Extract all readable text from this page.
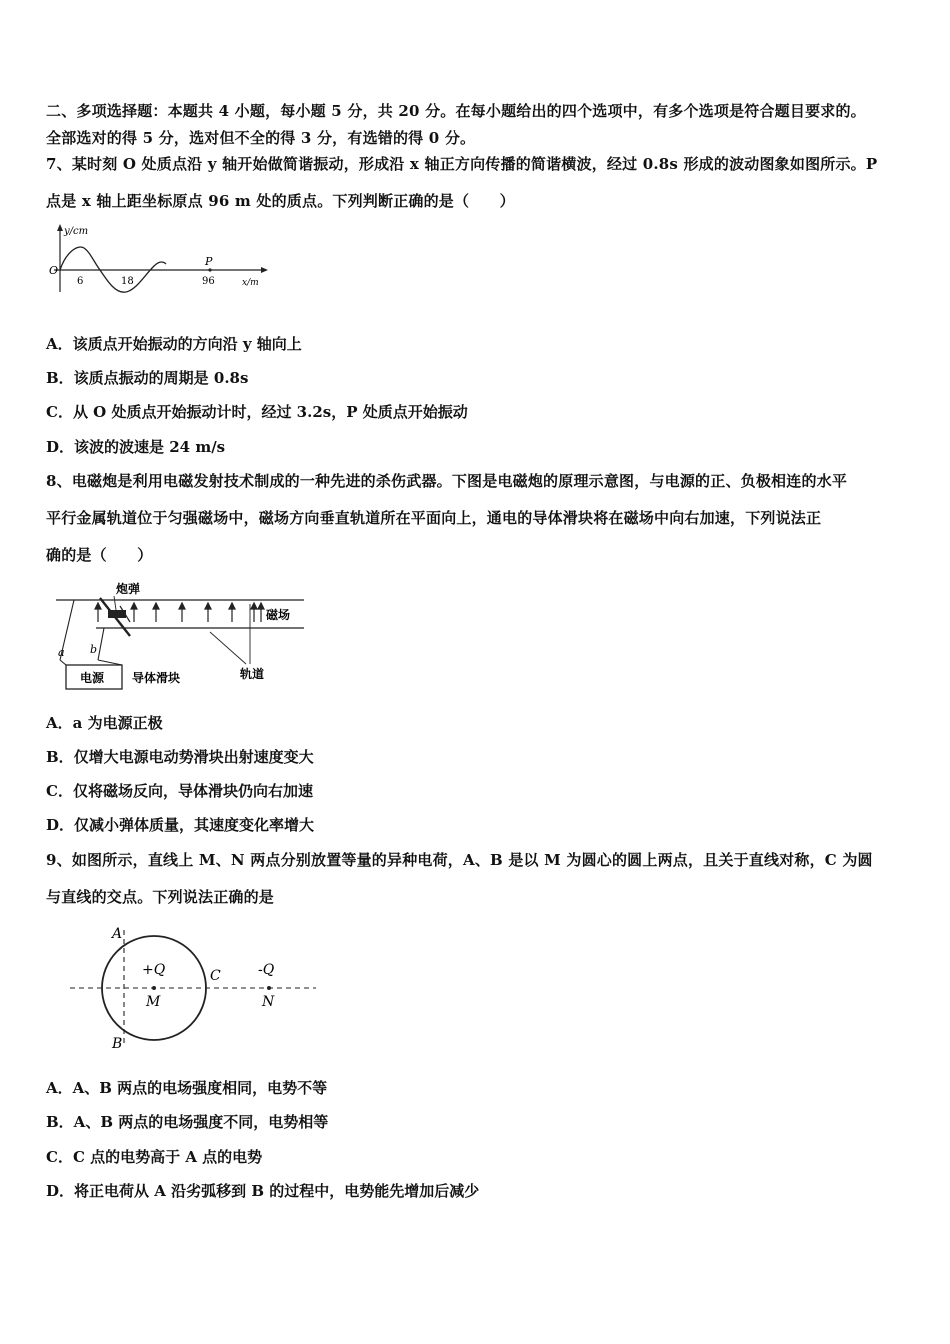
二、多项选择题：本题共 4 小题，每小题 5 分，共 20 分。在每小题给出的四个选项中，有多个选项是符合题目要求的。
全部选对的得 5 分，选对但不全的得 3 分，有选错的得 0 分。
7、某时刻 O 处质点沿 y 轴开始做简谐振动，形成沿 x 轴正方向传播的简谐横波，经过 0.8s 形成的波动图象如图所示。P
点是 x 轴上距坐标原点 96 m 处的质点。下列判断正确的是（　　）
y/cm
O
6	18
P
96	x/m
A．该质点开始振动的方向沿 y 轴向上
B．该质点振动的周期是 0.8s
C．从 O 处质点开始振动计时，经过 3.2s，P 处质点开始振动
D．该波的波速是 24 m/s
8、电磁炮是利用电磁发射技术制成的一种先进的杀伤武器。下图是电磁炮的原理示意图，与电源的正、负极相连的水平
平行金属轨道位于匀强磁场中，磁场方向垂直轨道所在平面向上，通电的导体滑块将在磁场中向右加速，下列说法正
确的是（　　）
a b
电源
炮弹
磁场
导体滑块	轨道
A．a 为电源正极
B．仅增大电源电动势滑块出射速度变大
C．仅将磁场反向，导体滑块仍向右加速
D．仅减小弹体质量，其速度变化率增大
9、如图所示，直线上 M、N 两点分别放置等量的异种电荷，A、B 是以 M 为圆心的圆上两点，且关于直线对称，C 为圆
与直线的交点。下列说法正确的是
A
B
C
+Q
M
-Q
N
A．A、B 两点的电场强度相同，电势不等
B．A、B 两点的电场强度不同，电势相等
C．C 点的电势高于 A 点的电势
D．将正电荷从 A 沿劣弧移到 B 的过程中，电势能先增加后减少
